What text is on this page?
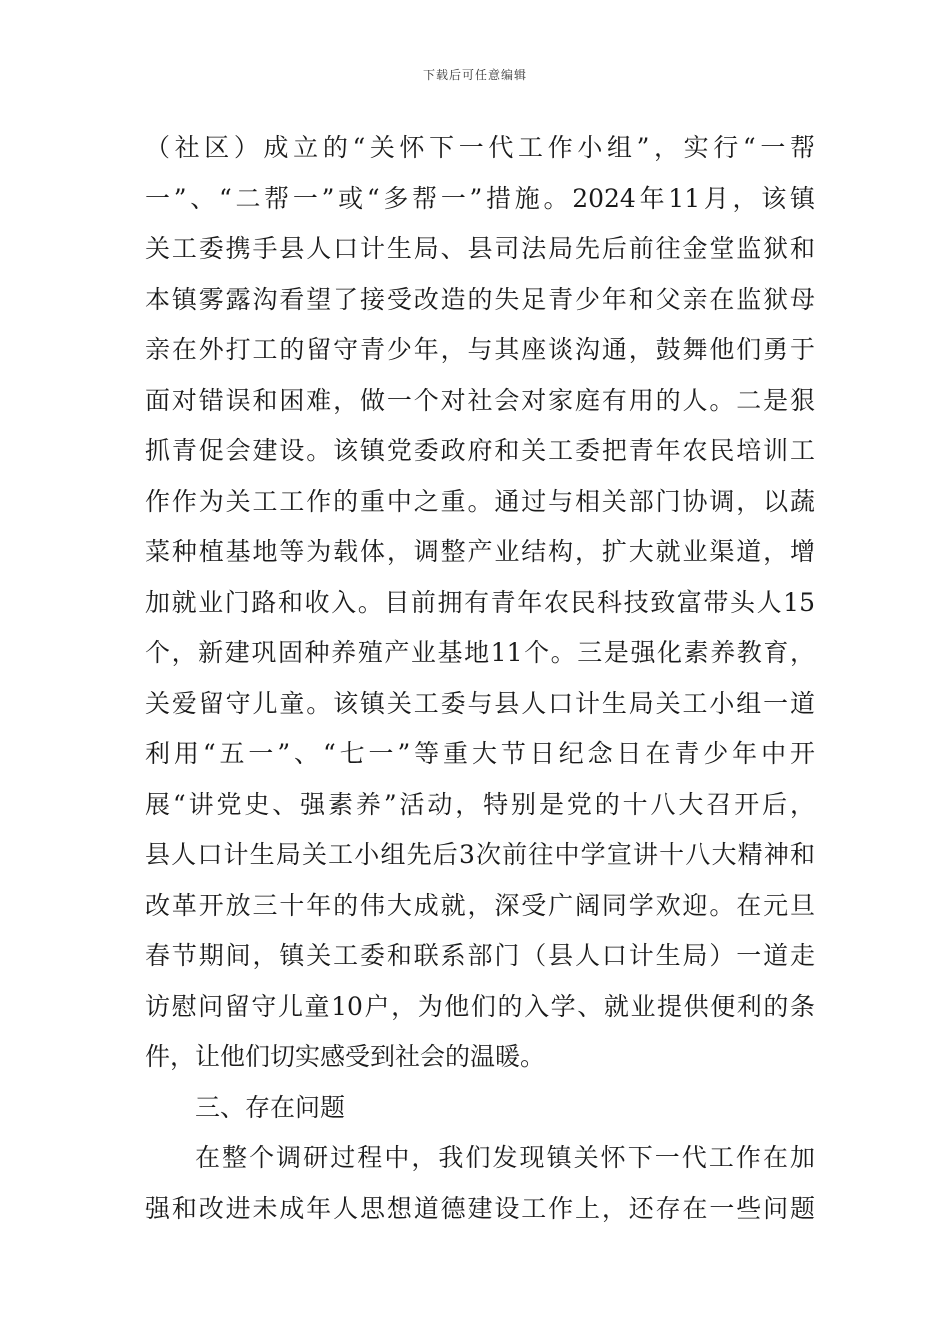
下载后可任意编辑
（社区）成立的“关怀下一代工作小组”，实行“一帮
一”、“二帮一”或“多帮一”措施。2024年11月，该镇
关工委携手县人口计生局、县司法局先后前往金堂监狱和
本镇雾露沟看望了接受改造的失足青少年和父亲在监狱母
亲在外打工的留守青少年，与其座谈沟通，鼓舞他们勇于
面对错误和困难，做一个对社会对家庭有用的人。二是狠
抓青促会建设。该镇党委政府和关工委把青年农民培训工
作作为关工工作的重中之重。通过与相关部门协调，以蔬
菜种植基地等为载体，调整产业结构，扩大就业渠道，增
加就业门路和收入。目前拥有青年农民科技致富带头人15
个，新建巩固种养殖产业基地11个。三是强化素养教育，
关爱留守儿童。该镇关工委与县人口计生局关工小组一道
利用“五一”、“七一”等重大节日纪念日在青少年中开
展“讲党史、强素养”活动，特别是党的十八大召开后，
县人口计生局关工小组先后3次前往中学宣讲十八大精神和
改革开放三十年的伟大成就，深受广阔同学欢迎。在元旦
春节期间，镇关工委和联系部门（县人口计生局）一道走
访慰问留守儿童10户，为他们的入学、就业提供便利的条
件，让他们切实感受到社会的温暖。
三、存在问题
在整个调研过程中，我们发现镇关怀下一代工作在加
强和改进未成年人思想道德建设工作上，还存在一些问题
